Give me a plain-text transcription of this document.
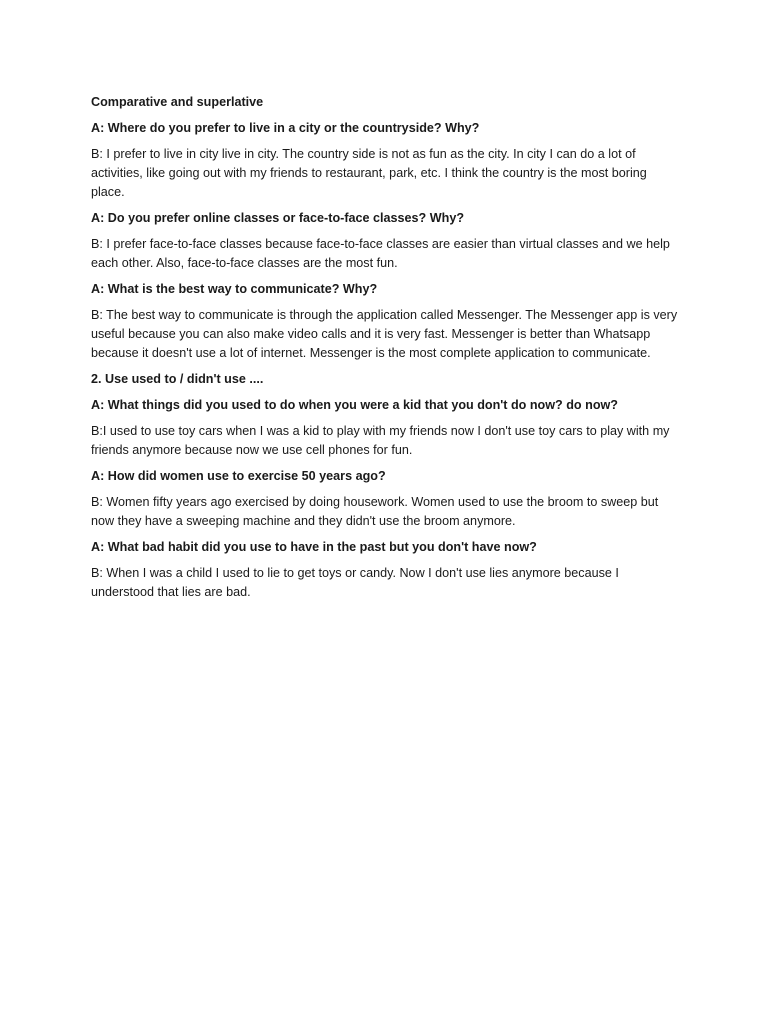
Comparative and superlative

A: Where do you prefer to live in a city or the countryside? Why?

B: I prefer to live in city live in city. The country side is not as fun as the city. In city I can do a lot of activities, like going out with my friends to restaurant, park, etc. I think the country is the most boring place.

A: Do you prefer online classes or face-to-face classes? Why?

B: I prefer face-to-face classes because face-to-face classes are easier than virtual classes and we help each other. Also, face-to-face classes are the most fun.

A: What is the best way to communicate? Why?

B: The best way to communicate is through the application called Messenger. The Messenger app is very useful because you can also make video calls and it is very fast. Messenger is better than Whatsapp because it doesn't use a lot of internet. Messenger is the most complete application to communicate.

2. Use used to / didn't use ....

A: What things did you used to do when you were a kid that you don't do now? do now?

B:I used to use toy cars when I was a kid to play with my friends now I don't use toy cars to play with my friends anymore because now we use cell phones for fun.

A: How did women use to exercise 50 years ago?

B: Women fifty years ago exercised by doing housework. Women used to use the broom to sweep but now they have a sweeping machine and they didn't use the broom anymore.

A: What bad habit did you use to have in the past but you don't have now?

B: When I was a child I used to lie to get toys or candy. Now I don't use lies anymore because I understood that lies are bad.
